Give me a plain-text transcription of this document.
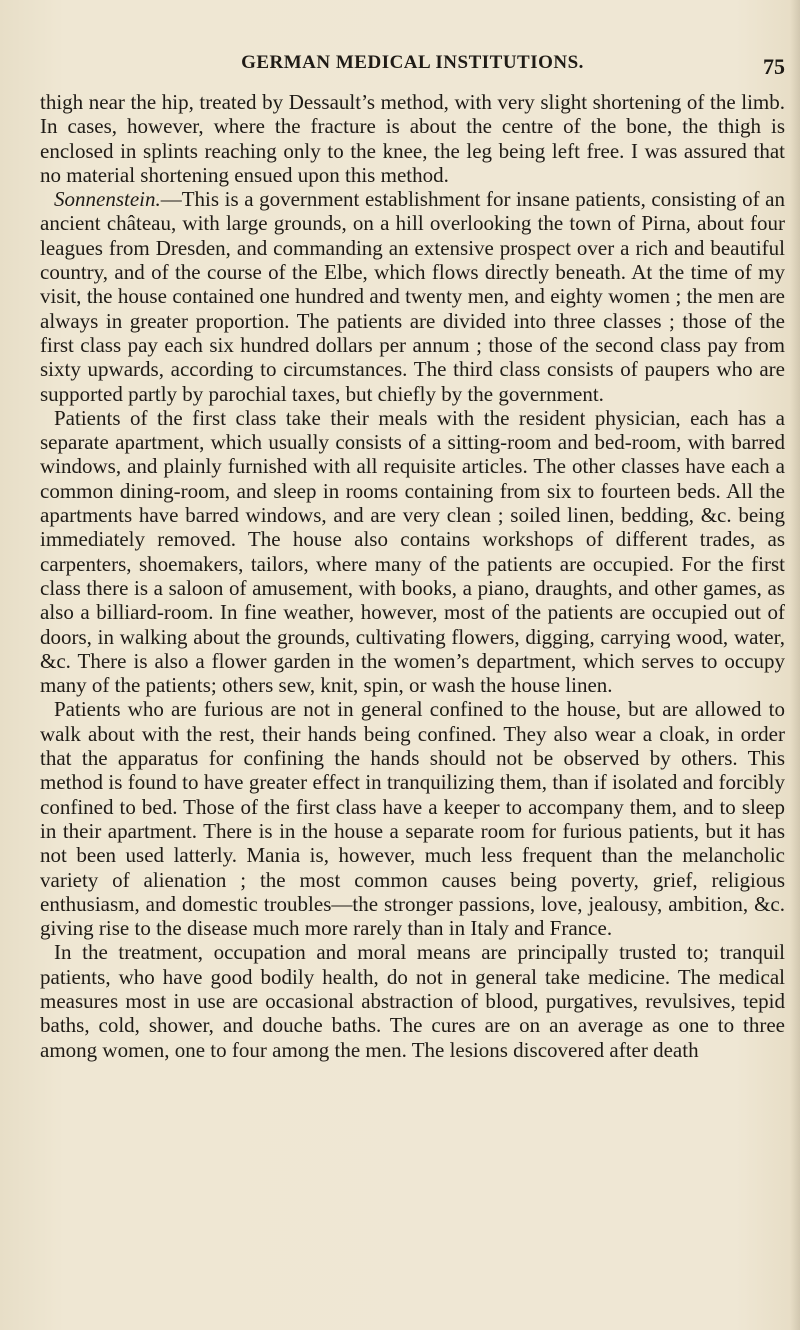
GERMAN MEDICAL INSTITUTIONS.	75

thigh near the hip, treated by Dessault’s method, with very slight shortening of the limb. In cases, however, where the fracture is about the centre of the bone, the thigh is enclosed in splints reaching only to the knee, the leg being left free. I was assured that no material shortening ensued upon this method.

Sonnenstein.—This is a government establishment for insane patients, consisting of an ancient château, with large grounds, on a hill overlooking the town of Pirna, about four leagues from Dresden, and commanding an extensive prospect over a rich and beautiful country, and of the course of the Elbe, which flows directly beneath. At the time of my visit, the house contained one hundred and twenty men, and eighty women ; the men are always in greater proportion. The patients are divided into three classes ; those of the first class pay each six hundred dollars per annum ; those of the second class pay from sixty upwards, according to circumstances. The third class consists of paupers who are supported partly by parochial taxes, but chiefly by the government.

Patients of the first class take their meals with the resident physician, each has a separate apartment, which usually consists of a sitting-room and bed-room, with barred windows, and plainly furnished with all requisite articles. The other classes have each a common dining-room, and sleep in rooms containing from six to fourteen beds. All the apartments have barred windows, and are very clean ; soiled linen, bedding, &c. being immediately removed. The house also contains workshops of different trades, as carpenters, shoemakers, tailors, where many of the patients are occupied. For the first class there is a saloon of amusement, with books, a piano, draughts, and other games, as also a billiard-room. In fine weather, however, most of the patients are occupied out of doors, in walking about the grounds, cultivating flowers, digging, carrying wood, water, &c. There is also a flower garden in the women’s department, which serves to occupy many of the patients; others sew, knit, spin, or wash the house linen.

Patients who are furious are not in general confined to the house, but are allowed to walk about with the rest, their hands being confined. They also wear a cloak, in order that the apparatus for confining the hands should not be observed by others. This method is found to have greater effect in tranquilizing them, than if isolated and forcibly confined to bed. Those of the first class have a keeper to accompany them, and to sleep in their apartment. There is in the house a separate room for furious patients, but it has not been used latterly. Mania is, however, much less frequent than the melancholic variety of alienation ; the most common causes being poverty, grief, religious enthusiasm, and domestic troubles—the stronger passions, love, jealousy, ambition, &c. giving rise to the disease much more rarely than in Italy and France.

In the treatment, occupation and moral means are principally trusted to; tranquil patients, who have good bodily health, do not in general take medicine. The medical measures most in use are occasional abstraction of blood, purgatives, revulsives, tepid baths, cold, shower, and douche baths. The cures are on an average as one to three among women, one to four among the men. The lesions discovered after death
